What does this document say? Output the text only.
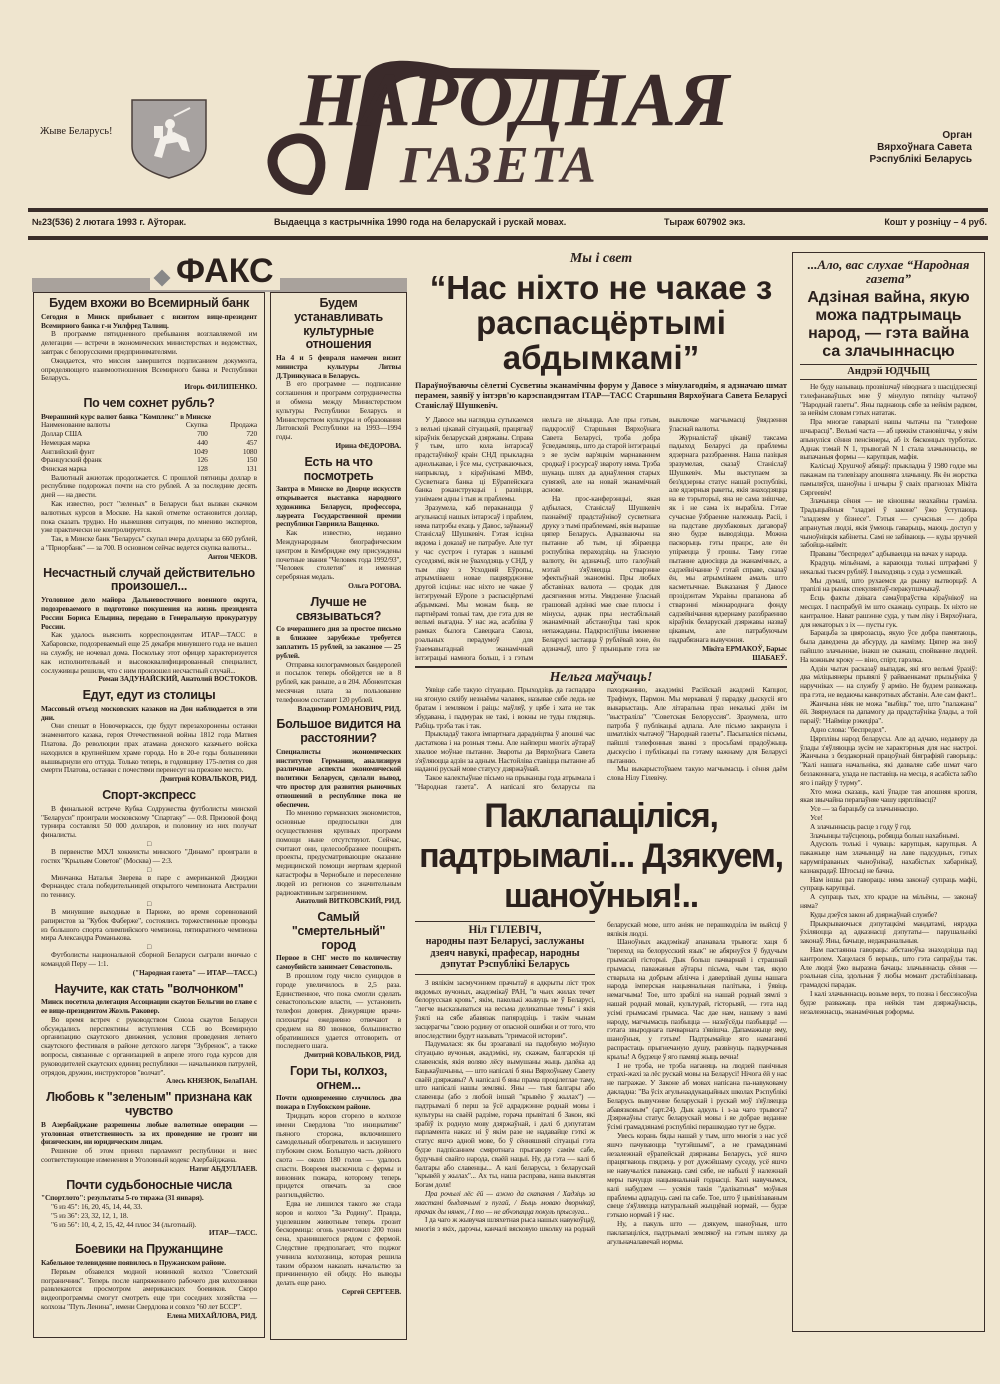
Жыве Беларусь! НАРОДНАЯ
ГАЗЕТА
Орган
Вярхоўнага Савета
Рэспублікі Беларусь
№23(536) 2 лютага 1993 г. Аўторак.	Выдаецца з кастрычніка 1990 года на беларускай і рускай мовах.	Тыраж 607902 экз.	Кошт у розніцу – 4 руб.
ФАКС
Будем вхожи во Всемирный банк

Сегодня в Минск прибывает с визитом вице-президент Всемирного банка г-н Уилфред Талвиц.

В программе пятидневного пребывания возглавляемой им делегации — встречи в экономических министерствах и ведомствах, завтрак с белорусскими предпринимателями.

Ожидается, что миссия завершится подписанием документа, определяющего взаимоотношения Всемирного банка и Республики Беларусь.

Игорь ФИЛИПЕНКО.

По чем сохнет рубль?

Вчерашний курс валют банка "Комплекс" в Минске

Наименование валюты	Скупка	Продажа
Доллар США	700	720
Немецкая марка	440	457
Английский фунт	1049	1080
Французский франк	126	150
Финская марка	128	131

Валютный ажиотаж продолжается. С прошлой пятницы доллар в республике подорожал почти на сто рублей. А за последние десять дней — на двести.

Как известно, рост "зеленых" в Беларуси был вызван скачком валютных курсов в Москве. На какой отметке остановится доллар, пока сказать трудно. Но нынешняя ситуация, по мнению экспертов, уже практически не контролируется.

Так, в Минске банк "Беларусь" скупал вчера доллары за 660 рублей, а "Приорбанк" — за 700. В основном сейчас ведется скупка валюты...

Антон ЧЕКОВ.

Несчастный случай действительно произошел...

Уголовное дело майора Дальневосточного военного округа, подозреваемого в подготовке покушения на жизнь президента России Бориса Ельцина, передано в Генеральную прокуратуру России.

Как удалось выяснить корреспондентам ИТАР—ТАСС в Хабаровске, подозреваемый еще 25 декабря минувшего года не вышел на службу, не ночевал дома. Поскольку этот офицер характеризуется как исполнительный и высококвалифицированный специалист, сослуживцы решили, что с ним произошел несчастный случай...

Роман ЗАДУНАЙСКИЙ, Анатолий ВОСТОКОВ.

Едут, едут из столицы

Массовый отъезд московских казаков на Дон наблюдается в эти дни.

Они спешат в Новочеркасск, где будут перезахоронены останки знаменитого казака, героя Отечественной войны 1812 года Матвея Платова. До революции прах атамана донского казачьего войска находился в крупнейшем храме города. Но в 20-е годы большевики вышвырнули его оттуда. Только теперь, в годовщину 175-летия со дня смерти Платова, останки с почестями перенесут на прежнее место.

Дмитрий КОВАЛЬКОВ, РИД.

Спорт-экспресс

В финальной встрече Кубка Содружества футболисты минской "Беларуси" проиграли московскому "Спартаку" — 0:8. Призовой фонд турнира составлял 50 000 долларов, и половину из них получат финалисты.

□

В первенстве МХЛ хоккеисты минского "Динамо" проиграли в гостях "Крыльям Советов" (Москва) — 2:3.

□

Минчанка Наталья Зверева в паре с американкой Джиджи Фернандес стала победительницей открытого чемпионата Австралии по теннису.

□

В минувшие выходные в Париже, во время соревнований рапиристов за "Кубок Фаберже", состоялись торжественные проводы из большого спорта олимпийского чемпиона, пятикратного чемпиона мира Александра Романькова.

□

Футболисты национальной сборной Беларуси сыграли вничью с командой Перу — 1:1.

("Народная газета" — ИТАР—ТАСС.)

Научите, как стать "волчонком"

Минск посетила делегация Ассоциации скаутов Бельгии во главе с ее вице-президентом Жоэль Раковер.

Во время встреч с руководством Союза скаутов Беларуси обсуждались перспективы вступления ССБ во Всемирную организацию скаутского движения, условия проведения летнего скаутского фестиваля в районе детского лагеря "Зубренок", а также вопросы, связанные с организацией в апреле этого года курсов для руководителей скаутских единиц республики — начальников патрулей, отрядов, дружин, инструкторов "волчат".

Алесь КНЯЗЮК, БелаПАН.

Любовь к "зеленым" признана как чувство

В Азербайджане разрешены любые валютные операции — уголовная ответственность за их проведение не грозит ни физическим, ни юридическим лицам.

Решение об этом принял парламент республики и внес соответствующие изменения в Уголовный кодекс Азербайджана.

Натиг АБДУЛЛАЕВ.

Почти судьбоносные числа

"Спортлото": результаты 5-го тиража (31 января).

"6 из 45": 16, 20, 45, 14, 44, 33.

"5 из 36": 23, 32, 12, 1, 18.

"6 из 56": 10, 4, 2, 15, 42, 44 плюс 34 (льготный).

ИТАР—ТАСС.

Боевики на Пружанщине

Кабельное телевидение появилось в Пружанском районе.

Первым обзавелся модной новинкой колхоз "Советский пограничник". Теперь после напряженного рабочего дня колхозники развлекаются просмотром американских боевиков. Скоро видеопрограммы смогут смотреть еще три соседних хозяйства — колхозы "Путь Ленина", имени Свердлова и совхоз "60 лет БССР".

Елена МИХАЙЛОВА, РИД.

Будем устанавливать культурные отношения

На 4 и 5 февраля намечен визит министра культуры Литвы Д.Тринкунаса в Беларусь.

В его программе — подписание соглашения и программ сотрудничества и обмена между Министерством культуры Республики Беларусь и Министерством культуры и образования Литовской Республики на 1993—1994 годы.

Ирина ФЕДОРОВА.

Есть на что посмотреть

Завтра в Минске во Дворце искусств открывается выставка народного художника Беларуси, профессора, лауреата Государственной премии республики Гавриила Ващенко.

Как известно, недавно Международным биографическим центром в Кембридже ему присуждены почетные звания "Человек года 1992/93", "Человек столетия" и именная серебряная медаль.

Ольга РОГОВА.

Лучше не связываться?

Со вчерашнего дня за простое письмо в ближнее зарубежье требуется заплатить 15 рублей, за заказное — 25 рублей.

Отправка килограммовых бандеролей и посылок теперь обойдется не в 8 рублей, как раньше, а в 204. Абонентская месячная плата за пользование телефоном составит 120 рублей.

Владимир РОМАНОВИЧ, РИД.

Большое видится на расстоянии?

Специалисты экономических институтов Германии, анализируя различные аспекты экономической политики Беларуси, сделали вывод, что простор для развития рыночных отношений в республике пока не обеспечен.

По мнению германских экономистов, основные предпосылки для осуществления крупных программ помощи ныне отсутствуют. Сейчас, считают они, целесообразнее поощрять проекты, предусматривающие оказание медицинской помощи жертвам ядерной катастрофы в Чернобыле и переселение людей из регионов со значительным радиоактивным загрязнением.

Анатолий ВИТКОВСКИЙ, РИД.

Самый "смертельный" город

Первое в СНГ место по количеству самоубийств занимает Севастополь.

В прошлом году число суицидов в городе увеличилось в 2,5 раза. Единственное, что пока смогли сделать севастопольские власти, — установить телефон доверия. Дежурящие врачи-психиатры ежедневно отвечают в среднем на 80 звонков, большинство обратившихся удается отговорить от последнего шага.

Дмитрий КОВАЛЬКОВ, РИД.

Гори ты, колхоз, огнем...

Почти одновременно случилось два пожара в Глубокском районе.

Тридцать коров сгорело в колхозе имени Свердлова "по инициативе" пьяного сторожа, включившего самодельный обогреватель и заснувшего глубоким сном. Большую часть дойного скота — около 180 голов — удалось спасти. Вовремя выскочила с фермы и виновник пожара, которому теперь придется отвечать за свое разгильдяйство.

Едва не лишился такого же стада коров и колхоз "За Родину". Правда, уцелевшим животным теперь грозит бескормица: огонь уничтожил 200 тонн сена, хранившегося рядом с фермой. Следствие предполагает, что поджог учинила колхозница, которая решила таким образом наказать начальство за причиненную ей обиду. Но выводы делать еще рано.

Сергей СЕРГЕЕВ.

Мы і свет
“Нас ніхто не чакае з распасцёртымі абдымкамі”

Параўноўваючы сёлетні Сусветны эканамічны форум у Давосе з мінулагоднім, я адзначаю шмат перамен, заявіў у інтэрв'ю карэспандэнтам ІТАР—ТАСС Старшыня Вярхоўнага Савета Беларусі Станіслаў Шушкевіч.

У Давосе мы наглядна сутыкаемся з вельмі цікавай сітуацыяй, працягваў кіраўнік беларускай дзяржавы. Справа ў тым, што кола інтарэсаў прадстаўнікоў краін СНД прыкладна аднолькавае, і ўсе мы, сустракаючыся, напрыклад, з кіраўнікамі МВФ, Сусветнага банка ці Еўрапейскага банка рэканструкцыі і развіцця, узнімаем адны і тыя ж праблемы.

Зразумела, каб пераканацца ў агульнасці нашых інтарэсаў і праблем, няма патрэбы ехаць у Давос, заўважыў Станіслаў Шушкевіч. Гэтая ісціна вядома і доказаў не патрабуе. Але тут у час сустрэч і гутарак з нашымі суседзямі, якія не ўваходзяць у СНД, у тым ліку з Усходняй Еўропы, атрымліваеш новае пацвярджэнне другой ісціны: нас ніхто не чакае ў інтэгруемай Еўропе з распасцёртымі абдымкамі. Мы можам быць яе партнёрамі толькі там, дзе гэта для яе вельмі выгадна. У нас жа, асабліва ў рамках былога Савецкага Саюза, рэальных перадумоў для ўзаемавыгаднай эканамічнай інтэграцыі намнога больш, і з гэтым нельга не лічыцца. Але пры гэтым, падкрэсліў Старшыня Вярхоўнага Савета Беларусі, трэба добра ўсведамляць, што да старой інтэграцыі з яе зусім вар'яцкім марнаваннем сродкаў і рэсурсаў звароту няма. Трэба шукаць шлях да аднаўлення старых сувязей, але на новай эканамічнай аснове.

На прэс-канферэнцыі, якая адбылася, Станіслаў Шушкевіч пазнаёміў прадстаўнікоў сусветнага друку з тымі праблемамі, якія вырашае цяпер Беларусь. Адказваючы на пытанне аб тым, ці збіраецца рэспубліка пераходзіць на ўласную валюту, ён адзначыў, што галоўнай мэтай з'яўляецца стварэнне эфектыўнай эканомікі. Пры любых абставінах валюта — сродак для дасягнення мэты. Увядзенне ўласнай грашовай адзінкі мае свае плюсы і мінусы, аднак пры нестабільнай эканамічнай абстаноўцы такі крок непажаданы. Падкрэсліўшы імкненне Беларусі застацца ў рублёвай зоне, ён адзначыў, што ў прынцыпе гэта не выключае магчымасці ўвядзення ўласнай валюты.

Журналістаў цікавіў таксама падыход Беларусі да праблемы ядзернага раззбраення. Наша пазіцыя зразумелая, сказаў Станіслаў Шушкевіч. Мы выступаем за без'ядзерны статус нашай рэспублікі, але ядзерныя ракеты, якія знаходзяцца на яе тэрыторыі, яна не сама знішчае, як і не сама іх вырабіла. Гэтае сучаснае ўзбраенне належыць Расіі, і на падставе двухбаковых дагавораў яно будзе выводзіцца. Можна паскорыць гэты працэс, але ён упіраецца ў грошы. Таму гэтае пытанне адносіцца да эканамічных, а садзейнічанне ў гэтай справе, сказаў ён, мы атрымліваем амаль што касметычнае. Выказаная ў Давосе прэзідэнтам Украіны прапанова аб стварэнні міжнароднага фонду садзейнічання ядзернаму раззбраенню кіраўнік беларускай дзяржавы назваў цікавым, але патрабуючым падрабязнага вывучэння.

Мікіта ЕРМАКОЎ, Барыс ШАБАЕЎ.

Нельга маўчаць!

Уявіце сабе такую сітуацыю. Прыходзіць да гаспадара на ягоную сялібу незнаёмы чалавек, называе сябе ледзь не братам і земляком і раіць: маўляў, у цябе і хата не так збудавана, і падмурак не такі, і вокны не туды глядзяць. Рабіць трэба так і так.

Прыкладаў такога імпартнага дарадніцтва ў апошні час дастаткова і на розныя тэмы. Але найперш многіх аўтараў хвалюе моўнае пытанне. Звароты да Вярхоўнага Савета з'яўляюцца адзін за адным. Настойліва ставіцца пытанне аб наданні рускай мове статусу дзяржаўнай.

Такое калектыўнае пісьмо на прыканцы года атрымала і "Народная газета". А напісалі яго беларусы па паходжанню, акадэмікі Расійскай акадэміі Капцюг, Трафімук, Пармон. Мы меркавалі ў парадку дыскусіі яго выкарыстаць. Але літаральна праз некалькі дзён ім "выстраліла" "Советская Белоруссия". Зразумела, што патрэба ў публікацыі адпала. Але пісьмо закранула і шматлікіх чытачоў "Народнай газеты". Пасыпаліся пісьмы, пайшлі тэлефонныя званкі з просьбамі прадоўжыць дыскусію і публікацыі па гэтаму важнаму для Беларусі пытанню.

Мы выкарыстоўваем такую магчымасць і сёння даём слова Нілу Гілевічу.

Паклапаціліся, падтрымалі... Дзякуем, шаноўныя!..
Ніл ГІЛЕВІЧ,
народны паэт Беларусі, заслужаны дзеяч навукі, прафесар, народны дэпутат Рэспублікі Беларусь

З вялікім засмучэннем прачытаў я адкрыты ліст трох вядомых вучоных, акадэмікаў РАН, "в чьих жилах течет белорусская кровь", якім, паколькі жывуць не ў Беларусі, "легче высказываться на весьма деликатные темы" і якія ўзялі на сябе абавязак папярэдзіць і такім чынам засцерагчы "свою родину от опасной ошибки и от того, что впоследствии будут называть "гримасой истории".

Падумалася: як бы зрэагавалі на падобную моўную сітуацыю вучоныя, акадэмікі, ну, скажам, балгарскія ці славенскія, якія воляю лёсу вымушаны жыць далёка ад Бацькаўшчыны, — што напісалі б яны Вярхоўнаму Савету сваёй дзяржавы? А напісалі б яны прама процілеглае таму, што напісалі нашы землякі. Яны — тыя балгары або славенцы (або з любой іншай "крывёю ў жылах") — падтрымалі б перш за ўсё адраджэнне роднай мовы і культуры на сваёй радзіме, горача прывіталі б Закон, які зрабіў іх родную мову дзяржаўнай, і далі б дэпутатам парламента наказ: ні ў якім разе не надавайце гэткі ж статус яшчэ адной мове, бо ў сённяшняй сітуацыі гэта будзе падпісаннем смяротнага прыгавору самім сабе, будучыні свайго народа, сваёй нацыі. Ну, да гэта — калі б балгары або славенцы... А калі беларусы, з беларускай "крывёй у жылах"... Ах ты, наша расправа, наша выклятая Богам доля!

Пра рочылі лёс ёй — ажно да скапання / Хадзіць за хвастамі быдлячымі з пугай, / Быць моваю дворнікаў, прачак ды нянек, / І то — не абчэпацца покуль прыслуга...

І да чаго ж жывучая шляхетная рыса нашых навукоўцаў, многія з якіх, дарэчы, канчалі вясковую школку на роднай беларускай мове, што аніяк не перашкодзіла ім выйсці ў вялікія людзі.

Шаноўных акадэмікаў апанавала трывога: хаця б "переход на белорусский язык" не абярнуўся ў будучым грымасай гісторыі. Дык больш пачварнай і страшнай грымасы, паважаныя аўтары пісьма, чым тая, якую стварыла на добрым аблічча і даверлівай душы нашага народа імперская нацыянальная палітыка, і ўявіць немагчыма! Тое, што зрабілі на нашай роднай зямлі з нашай роднай мовай, культурай, гісторыяй, — гэта над усімі грымасамі грымаса. Час дае нам, нашаму з вамі народу, магчымасць пазбыцца — назаўсёды пазбыцца! — гэтага звыроднага пачварнага з'явішча. Дапамажыце яму, шаноўныя, у гэтым! Падтрымайце яго намаганні распрастаць прыгнечаную душу, развінуць падкурчаныя крылы! А будзеце ў яго памяці жыць вечна!

І не трэба, не трэба наганяць на людзей панічныя страхі-жахі за лёс рускай мовы на Беларусі! Нічога ёй у нас не пагражае. У Законе аб мовах напісана па-навуковаму дакладна: "Ва ўсіх агульнаадукацыйных школах Рэспублікі Беларусь вывучэнне беларускай і рускай моў з'яўляецца абавязковым" (арт.24). Дык адкуль і з-за чаго трывога? Дзяржаўны статус беларускай мовы і яе добрае веданне ўсімі грамадзянамі рэспублікі перашкодаю тут не будзе.

Увесь корань бяды нашай у тым, што многія з нас усё яшчэ пачуваюцца "тутэйшымі", а не грамадзянамі незалежнай еўрапейскай дзяржавы Беларусь, усё яшчэ працягваюць глядзець у рот дужэйшаму суседу, усё яшчэ не навучыліся паважаць самі сябе, не набылі ў належнай меры пачуцця нацыянальнай годнасці. Калі навучымся, калі набудзем — усякія такія "далікатныя" моўныя праблемы адпадуць самі па сабе. Тое, што ў цывілізаваным свеце з'яўляецца натуральнай жыццёвай нормай, — будзе гэткаю нормай і ў нас.

Ну, а пакуль што — дзякуем, шаноўныя, што паклапаціліся, падтрымалі землякоў на гэтым шляху да агульначалавечай нормы.

...Ало, вас слухае “Народная газета”
Адзіная вайна, якую можа падтрымаць народ, — гэта вайна са злачыннасцю
Андрэй ЮДЧЫЦ

Не буду называць прозвішчаў ніводнага з шасцідзесяці тэлефанаваўшых мне ў мінулую пятніцу чытачоў "Народнай газеты". Яны паднаюць сябе за нейкім радком, за нейкім словам гэтых нататак.

Пра многае гаварылі нашы чытачы па "тэлефоне шчырасці". Вельмі часта — аб цяжкім становішчы, у якім апынуліся сёння пенсіянеры, аб іх бясконцых турботах. Аднак тэмай N 1, трывогай N 1 стала злачыннасць, яе выпачаныя формы — карупцыя, мафія.

Калісьці Хрушчоў абяцаў: прыкладна ў 1980 годзе мы пакажам па тэлевізару апошняга злачынцу. Як ён жорстка памыляўся, шаноўны і шчыры ў сваіх прагнозах Мікіта Сяргеевіч!

Злачынца сёння — не кіношны неахайны граміла. Традыцыйныя "зладзеі ў законе" ўжо ўступаюць "зладзеям у бізнесе". Гэтыя — сучасныя — добра апранутыя людзі, якія ўмеюць гаварыць, маюць доступ у чыноўніцкія кабінеты. Самі не забіваюць — куды зручней забойца-найміт.

Прававы "беспредел" адбываецца на вачах у народа.

Крадуць мільёнамі, а караюцца толькі штрафамі ў некалькі тысяч рублёў. І выходзяць з суда з усмешкай.

Мы думалі, што рухаемся да рынку вытворцаў. А трапілі на рынак спекулянтаў-перакупшчыкаў.

Ёсць факты дзікага самаўпраўства кіраўнікоў на месцах. І паспрабуй ім што скажаць супраць. Іх ніхто не кантралюе. Нават рашэнне суда, у тым ліку і Вярхоўнага, для некаторых з іх — пусты гук.

Барацьба за цвярозасць, якую ўсе добра памятаюць, была даведзена да абсурду, да камізму. Цяпер жа зноў пайшло злачыннае, інакш не скажаш, спойванне людзей. На кожным кроку — віно, спірт, гарэлка.

Адзін чытач расказаў выпадак, які яго вельмі ўразіў: два міліцыянеры прывялі ў райваенкамат прызыўніка ў наручніках — на службу ў армію. Не будзем разважаць пра гэта, не ведаючы канкрэтных абставін. Але сам факт!..

Жанчына ніяк не можа "выбіць" тое, што "палажана" ёй. Звярнулася па дапамогу да прадстаўніка ўлады, а той параіў: "Найміце рэкеціра".

Адно слова: "беспредел".

Цярплівы народ беларусы. Але ад адчаю, недаверу да ўлады з'яўляюцца зусім не характэрныя для нас настроі. Жанчына з бездакорнай працоўнай біяграфіяй гаворыць: "Калі нашага начальніка, які дазваляе сабе шмат чаго беззаконнага, улада не паставіць на месца, я асабіста заб'ю яго і пайду ў турму".

Хто можа сказаць, калі ўпадзе тая апошняя кропля, якая звычайна перапаўняе чашу цярплівасці?

Усе — за барацьбу са злачыннасцю.

Усе!

А злачыннасць расце з году ў год.

Злачынцы таўсцеюць, робяцца больш нахабнымі.

Адусюль толькі і чуваць: карупцыя, карупцыя. А пакажыце нам злачынцаў на лаве падсудных, гэтых карумпіраваных чыноўнікаў, нахабістых хабарнікаў, казнакрадаў. Штосьці не бачна.

Нам іншы раз гавораць: няма законаў супраць мафіі, супраць карупцыі.

А супраць тых, хто крадзе на мільёны, — законаў няма?

Куды дзеўся закон аб дзяржаўнай службе?

Прыкрываючыся дэпутацкімі мандатамі, нярэдка ўхіляюцца ад адказнасці дэпутаты— парушальнікі законаў. Яны, бачыце, недакранальныя.

Нам пастаянна гавораць: абстаноўка знаходзіцца пад кантролем. Хацелася б верыць, што гэта сапраўды так. Але людзі ўжо выразна бачаць: злачыннасць сёння — рэальная сіла, здольная ў любы момант дэстабілізаваць грамадскі парадак.

І калі злачыннасць возьме верх, то позна і бессэнсоўна будзе разважаць пра нейкія там дзяржаўнасць, незалежнасць, эканамічныя рэформы.
